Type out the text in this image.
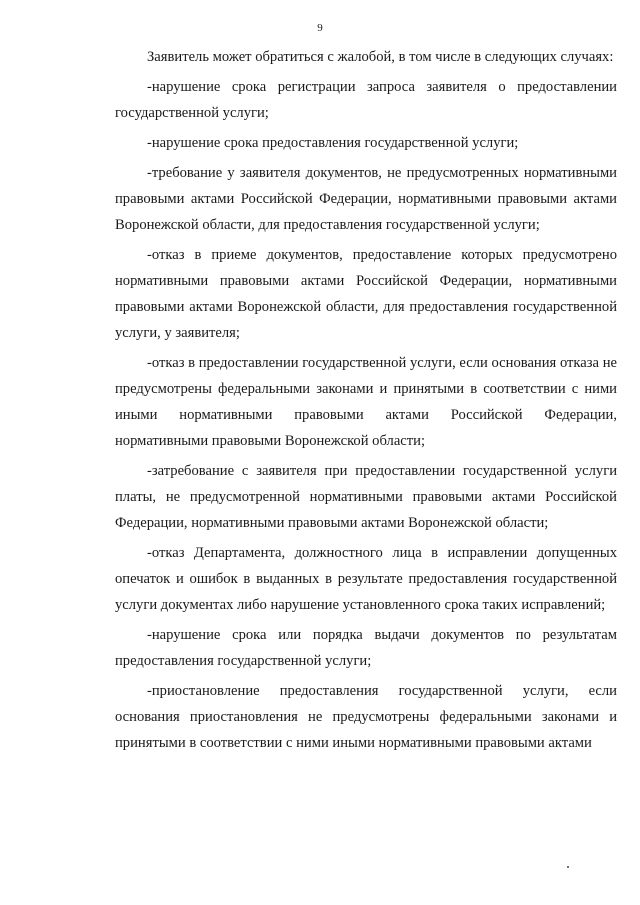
9

Заявитель может обратиться с жалобой, в том числе в следующих случаях:

-нарушение срока регистрации запроса заявителя о предоставлении государственной услуги;

-нарушение срока предоставления государственной услуги;

-требование у заявителя документов, не предусмотренных нормативными правовыми актами Российской Федерации, нормативными правовыми актами Воронежской области, для предоставления государственной услуги;

-отказ в приеме документов, предоставление которых предусмотрено нормативными правовыми актами Российской Федерации, нормативными правовыми актами Воронежской области, для предоставления государственной услуги, у заявителя;

-отказ в предоставлении государственной услуги, если основания отказа не предусмотрены федеральными законами и принятыми в соответствии с ними иными нормативными правовыми актами Российской Федерации, нормативными правовыми Воронежской области;

-затребование с заявителя при предоставлении государственной услуги платы, не предусмотренной нормативными правовыми актами Российской Федерации, нормативными правовыми актами Воронежской области;

-отказ Департамента, должностного лица в исправлении допущенных опечаток и ошибок в выданных в результате предоставления государственной услуги документах либо нарушение установленного срока таких исправлений;

-нарушение срока или порядка выдачи документов по результатам предоставления государственной услуги;

-приостановление предоставления государственной услуги, если основания приостановления не предусмотрены федеральными законами и принятыми в соответствии с ними иными нормативными правовыми актами
